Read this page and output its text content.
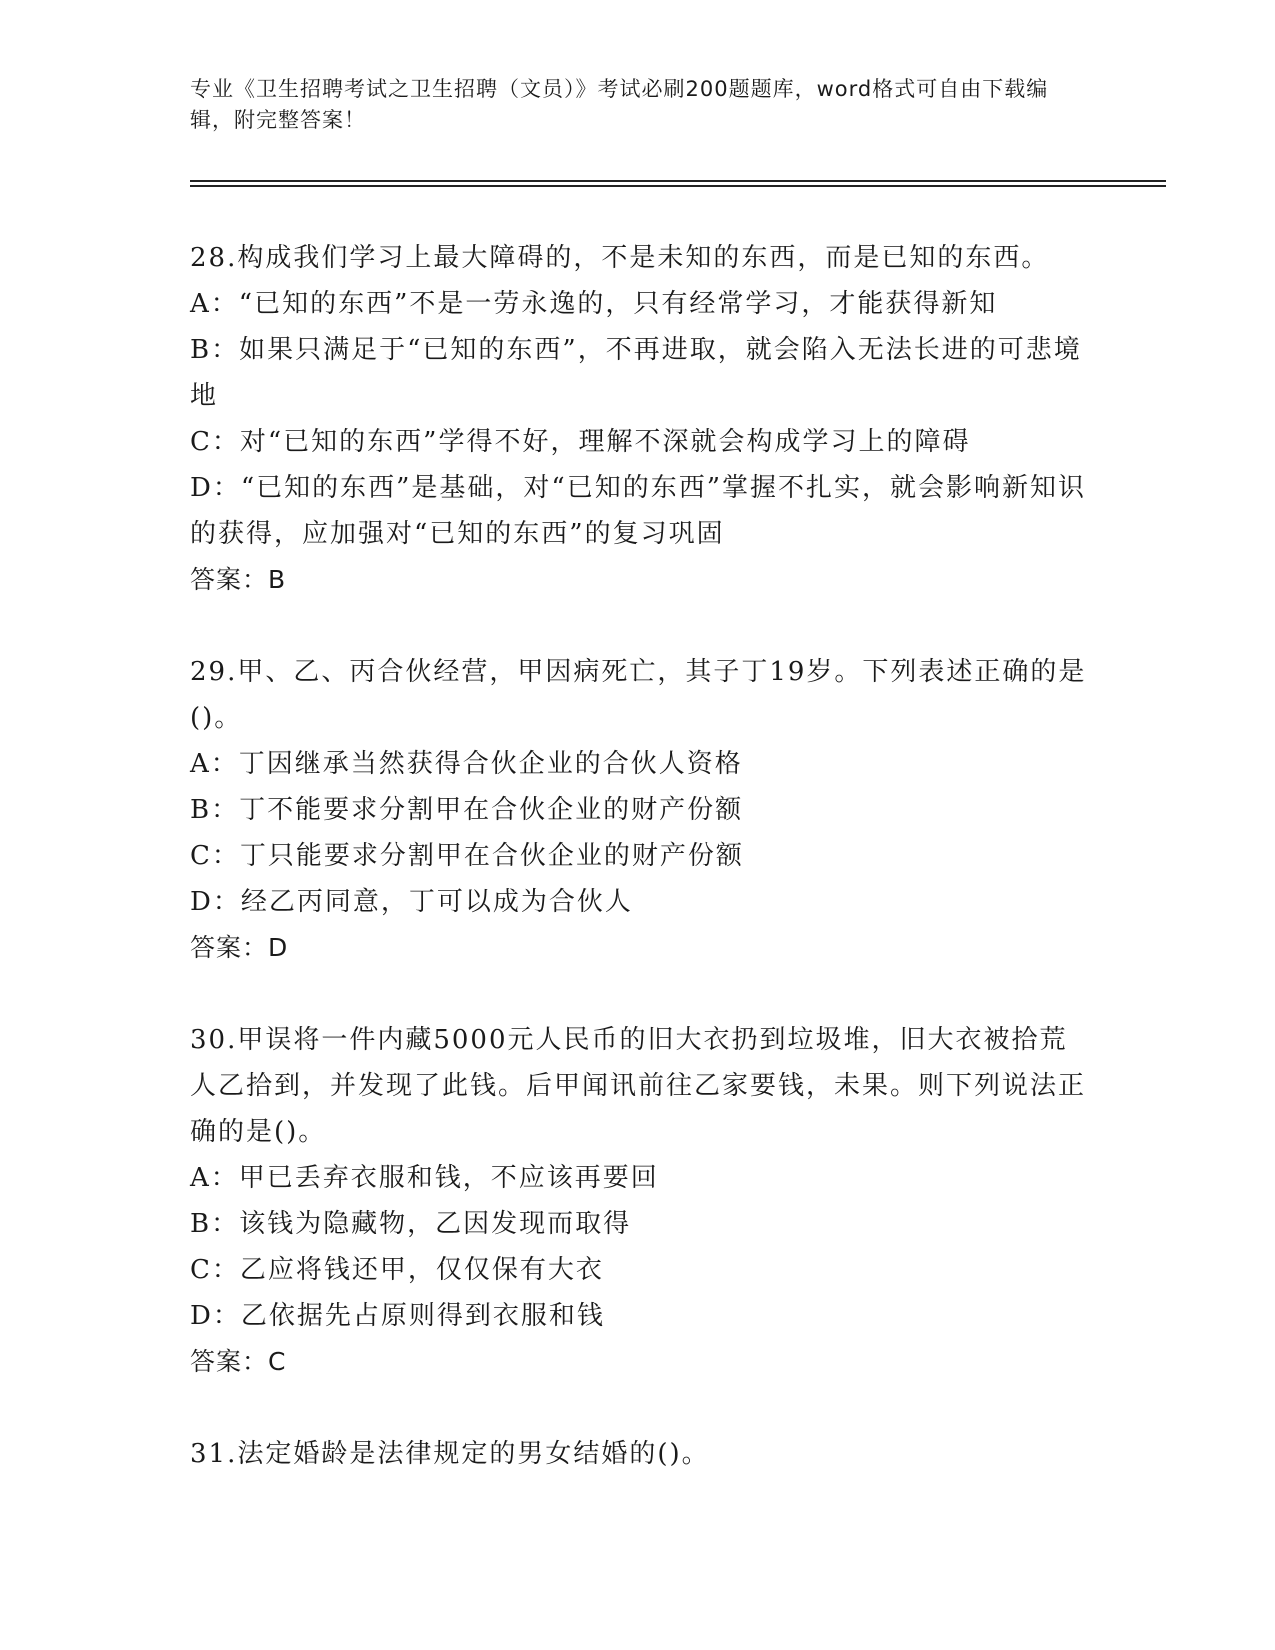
专业《卫生招聘考试之卫生招聘（文员）》考试必刷200题题库，word格式可自由下载编辑，附完整答案！

28.构成我们学习上最大障碍的，不是未知的东西，而是已知的东西。

A：“已知的东西”不是一劳永逸的，只有经常学习，才能获得新知

B：如果只满足于“已知的东西”，不再进取，就会陷入无法长进的可悲境地

C：对“已知的东西”学得不好，理解不深就会构成学习上的障碍

D：“已知的东西”是基础，对“已知的东西”掌握不扎实，就会影响新知识的获得，应加强对“已知的东西”的复习巩固

答案：B

29.甲、乙、丙合伙经营，甲因病死亡，其子丁19岁。下列表述正确的是()。

A：丁因继承当然获得合伙企业的合伙人资格

B：丁不能要求分割甲在合伙企业的财产份额

C：丁只能要求分割甲在合伙企业的财产份额

D：经乙丙同意，丁可以成为合伙人

答案：D

30.甲误将一件内藏5000元人民币的旧大衣扔到垃圾堆，旧大衣被拾荒人乙拾到，并发现了此钱。后甲闻讯前往乙家要钱，未果。则下列说法正确的是()。

A：甲已丢弃衣服和钱，不应该再要回

B：该钱为隐藏物，乙因发现而取得

C：乙应将钱还甲，仅仅保有大衣

D：乙依据先占原则得到衣服和钱

答案：C

31.法定婚龄是法律规定的男女结婚的()。
